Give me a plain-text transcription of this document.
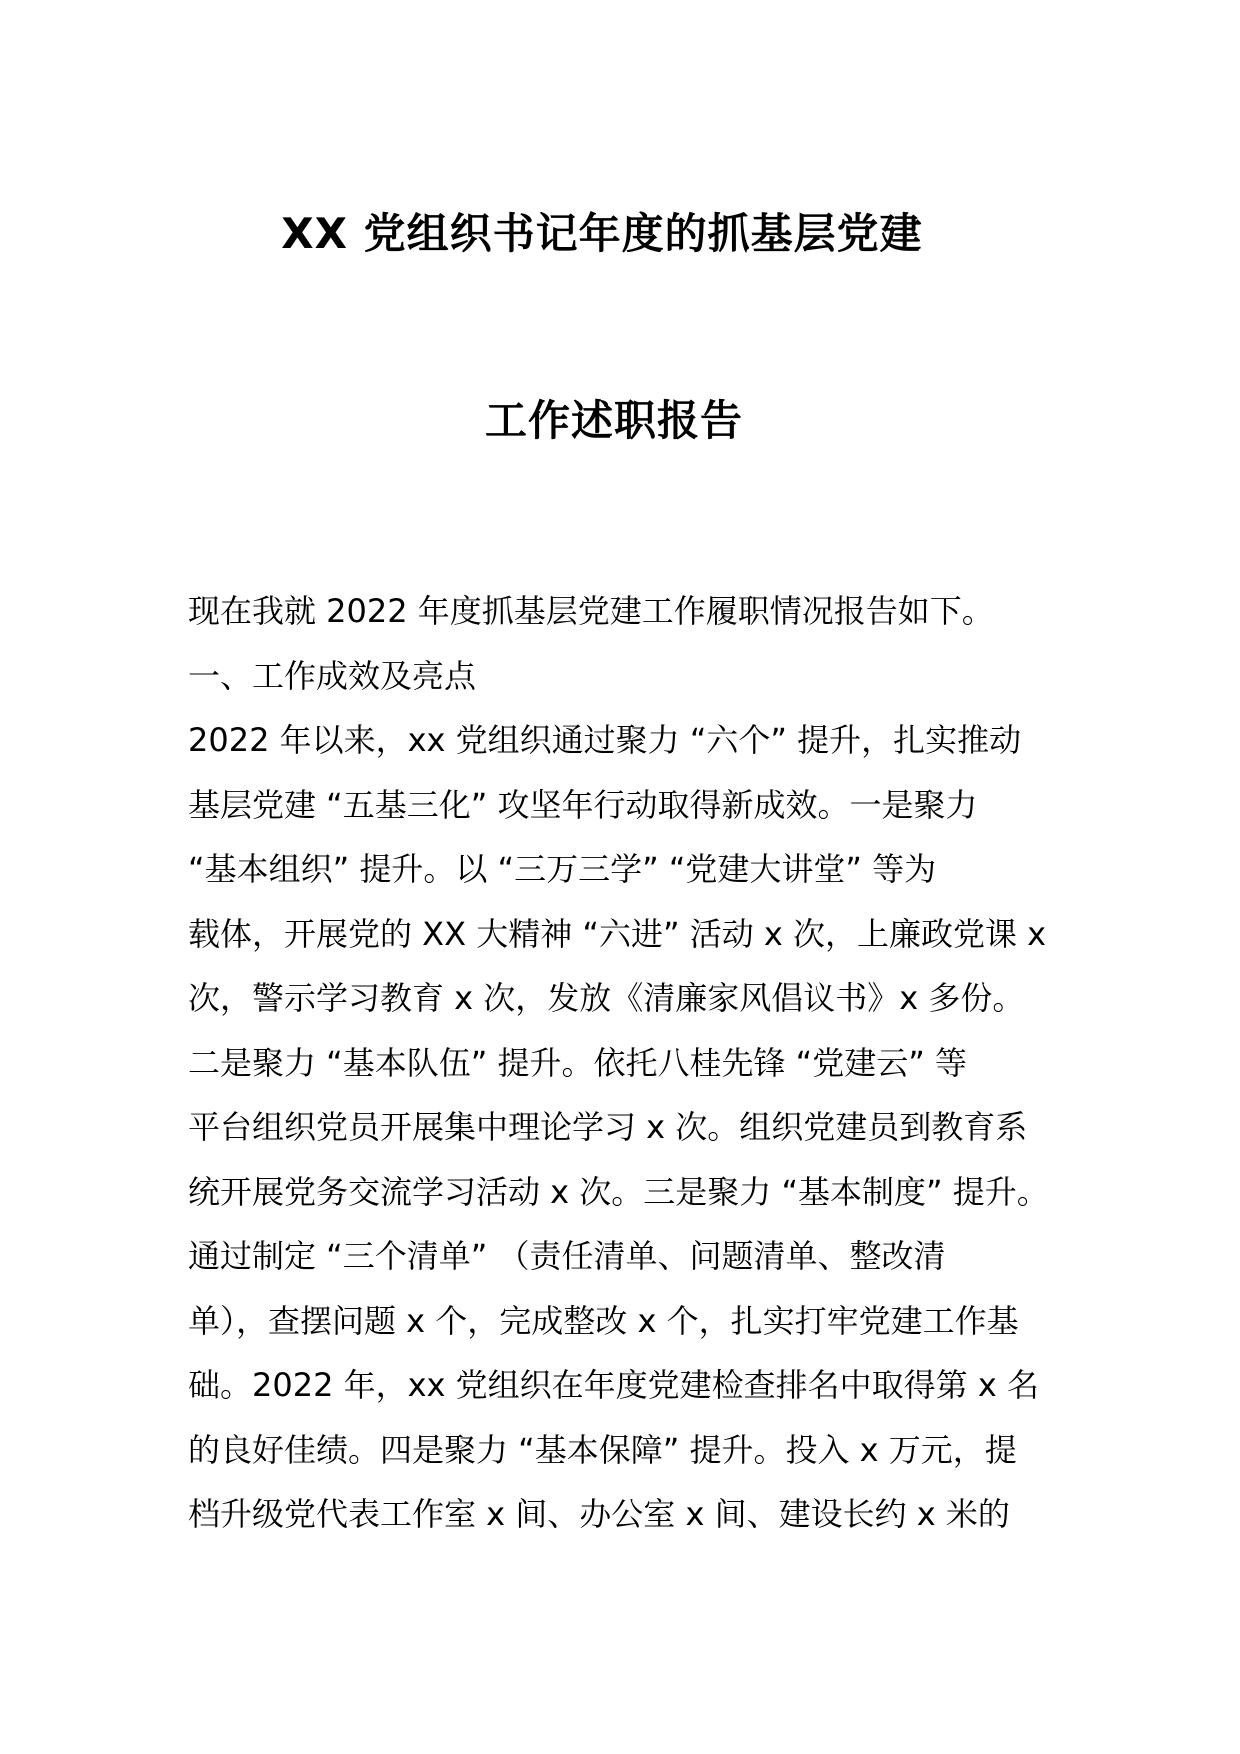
XX 党组织书记年度的抓基层党建
工作述职报告
现在我就 2022 年度抓基层党建工作履职情况报告如下。
一、工作成效及亮点
2022 年以来，xx 党组织通过聚力 “六个” 提升，扎实推动
基层党建 “五基三化” 攻坚年行动取得新成效。一是聚力
“基本组织” 提升。以 “三万三学” “党建大讲堂” 等为
载体，开展党的 XX 大精神 “六进” 活动 x 次，上廉政党课 x
次，警示学习教育 x 次，发放《清廉家风倡议书》x 多份。
二是聚力 “基本队伍” 提升。依托八桂先锋 “党建云” 等
平台组织党员开展集中理论学习 x 次。组织党建员到教育系
统开展党务交流学习活动 x 次。三是聚力 “基本制度” 提升。
通过制定 “三个清单” （责任清单、问题清单、整改清
单），查摆问题 x 个，完成整改 x 个，扎实打牢党建工作基
础。2022 年，xx 党组织在年度党建检查排名中取得第 x 名
的良好佳绩。四是聚力 “基本保障” 提升。投入 x 万元，提
档升级党代表工作室 x 间、办公室 x 间、建设长约 x 米的
